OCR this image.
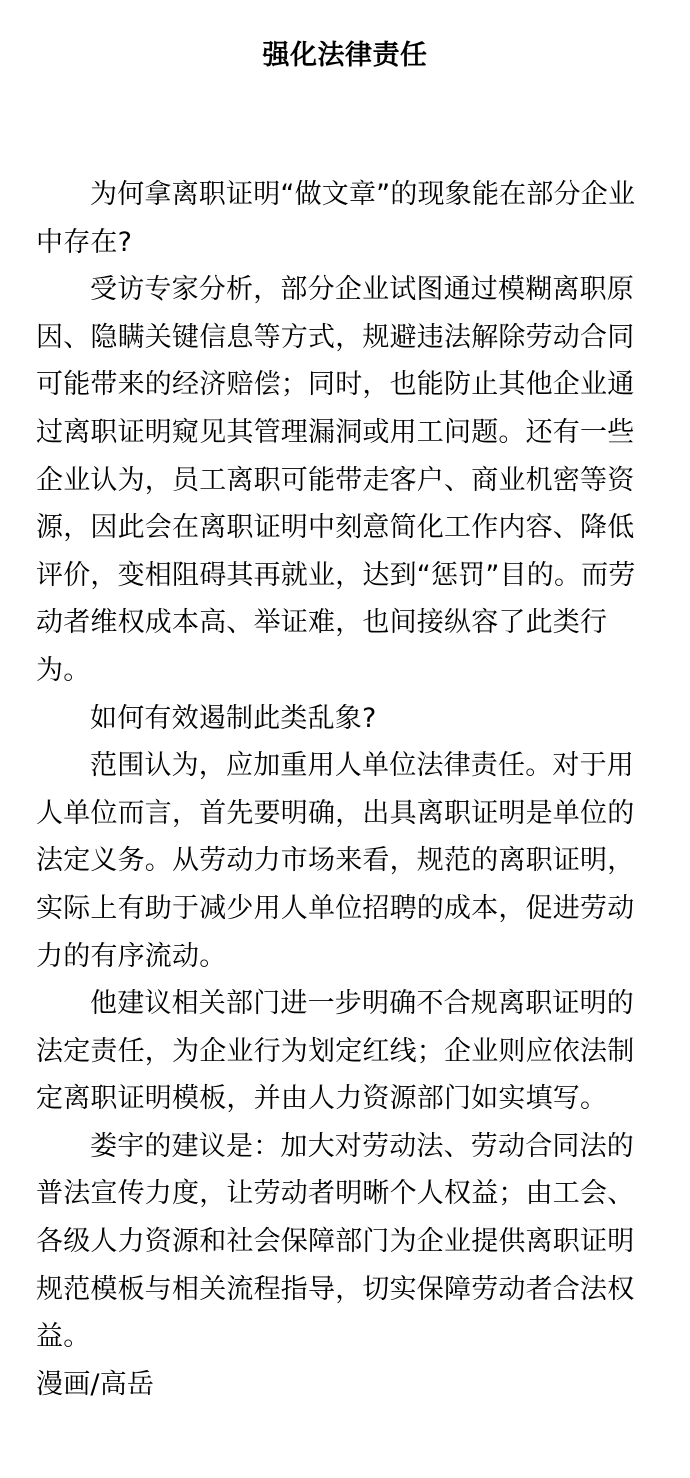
强化法律责任

为何拿离职证明“做文章”的现象能在部分企业中存在?

受访专家分析，部分企业试图通过模糊离职原因、隐瞒关键信息等方式，规避违法解除劳动合同可能带来的经济赔偿；同时，也能防止其他企业通过离职证明窥见其管理漏洞或用工问题。还有一些企业认为，员工离职可能带走客户、商业机密等资源，因此会在离职证明中刻意简化工作内容、降低评价，变相阻碍其再就业，达到“惩罚”目的。而劳动者维权成本高、举证难，也间接纵容了此类行为。

如何有效遏制此类乱象?

范围认为，应加重用人单位法律责任。对于用人单位而言，首先要明确，出具离职证明是单位的法定义务。从劳动力市场来看，规范的离职证明，实际上有助于减少用人单位招聘的成本，促进劳动力的有序流动。

他建议相关部门进一步明确不合规离职证明的法定责任，为企业行为划定红线；企业则应依法制定离职证明模板，并由人力资源部门如实填写。

娄宇的建议是：加大对劳动法、劳动合同法的普法宣传力度，让劳动者明晰个人权益；由工会、各级人力资源和社会保障部门为企业提供离职证明规范模板与相关流程指导，切实保障劳动者合法权益。

漫画/高岳
